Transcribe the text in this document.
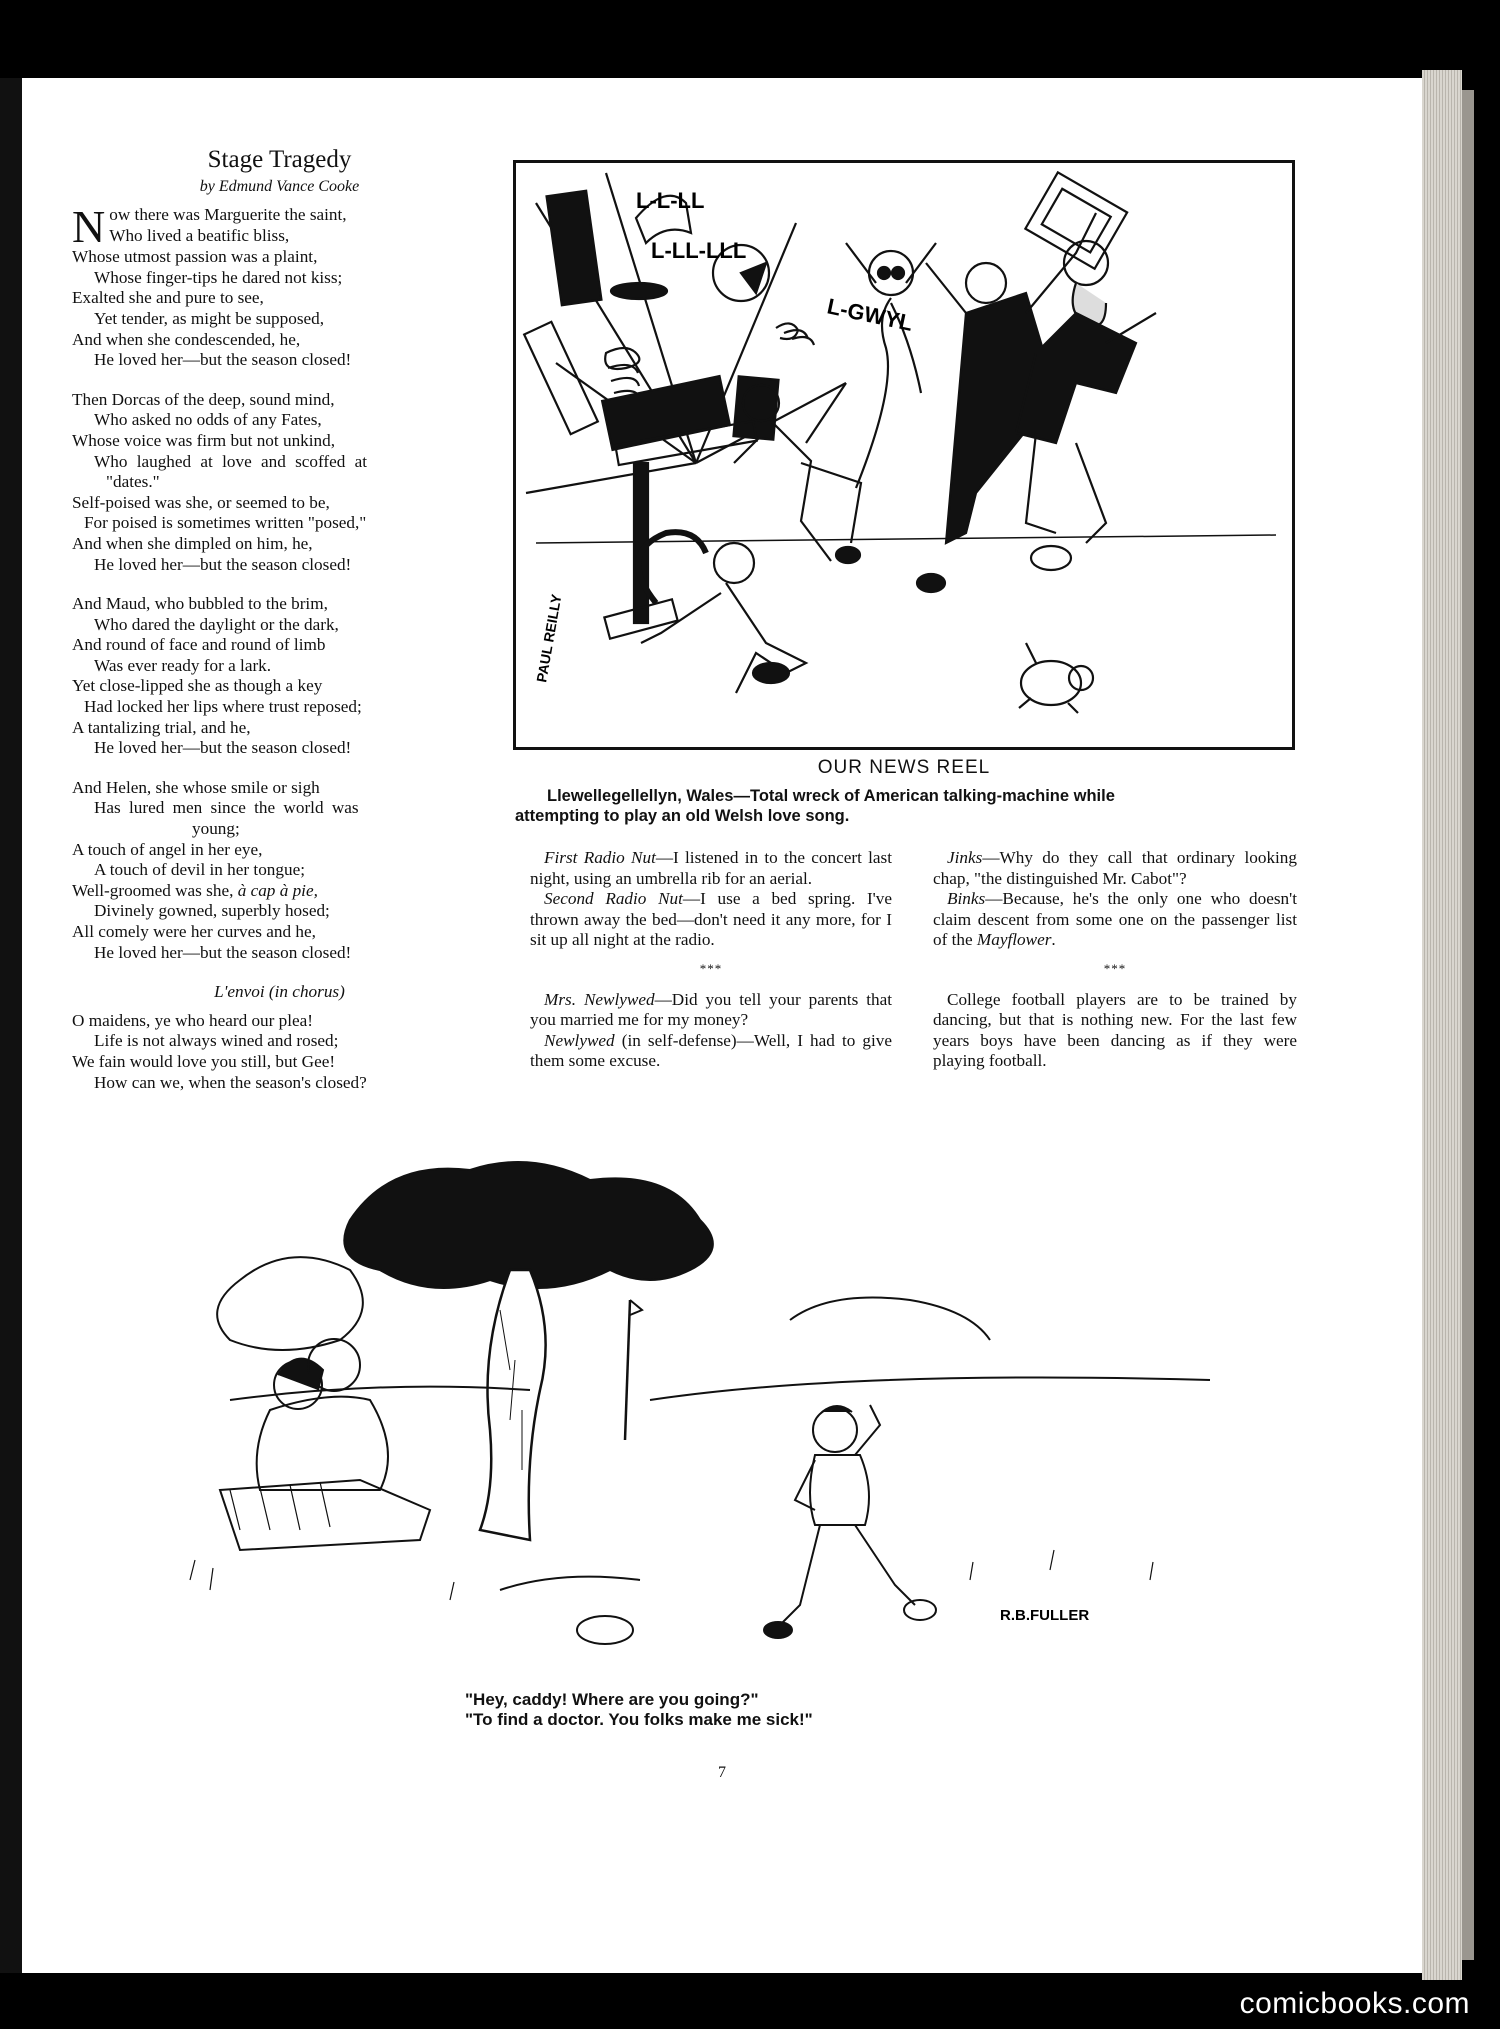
Stage Tragedy
by Edmund Vance Cooke
Now there was Marguerite the saint,
Who lived a beatific bliss,
Whose utmost passion was a plaint,
Whose finger-tips he dared not kiss;
Exalted she and pure to see,
Yet tender, as might be supposed,
And when she condescended, he,
He loved her—but the season closed!
Then Dorcas of the deep, sound mind,
Who asked no odds of any Fates,
Whose voice was firm but not unkind,
Who laughed at love and scoffed at
"dates."
Self-poised was she, or seemed to be,
For poised is sometimes written "posed,"
And when she dimpled on him, he,
He loved her—but the season closed!
And Maud, who bubbled to the brim,
Who dared the daylight or the dark,
And round of face and round of limb
Was ever ready for a lark.
Yet close-lipped she as though a key
Had locked her lips where trust reposed;
A tantalizing trial, and he,
He loved her—but the season closed!
And Helen, she whose smile or sigh
Has lured men since the world was
young;
A touch of angel in her eye,
A touch of devil in her tongue;
Well-groomed was she, à cap à pie,
Divinely gowned, superbly hosed;
All comely were her curves and he,
He loved her—but the season closed!
L'envoi (in chorus)
O maidens, ye who heard our plea!
Life is not always wined and rosed;
We fain would love you still, but Gee!
How can we, when the season's closed?
L-L-LL
L-LL-LLL
L-GWYL
PAUL REILLY
OUR NEWS REEL
Llewellegellellyn, Wales—Total wreck of American talking-machine while
attempting to play an old Welsh love song.

First Radio Nut—I listened in to the concert last night, using an umbrella rib for an aerial.

Second Radio Nut—I use a bed spring. I've thrown away the bed—don't need it any more, for I sit up all night at the radio.

***

Mrs. Newlywed—Did you tell your parents that you married me for my money?

Newlywed (in self-defense)—Well, I had to give them some excuse.

Jinks—Why do they call that ordinary looking chap, "the distinguished Mr. Cabot"?

Binks—Because, he's the only one who doesn't claim descent from some one on the passenger list of the Mayflower.

***

College football players are to be trained by dancing, but that is nothing new. For the last few years boys have been dancing as if they were playing football.

R.B.FULLER
"Hey, caddy! Where are you going?"
"To find a doctor. You folks make me sick!"
7
comicbooks.com
